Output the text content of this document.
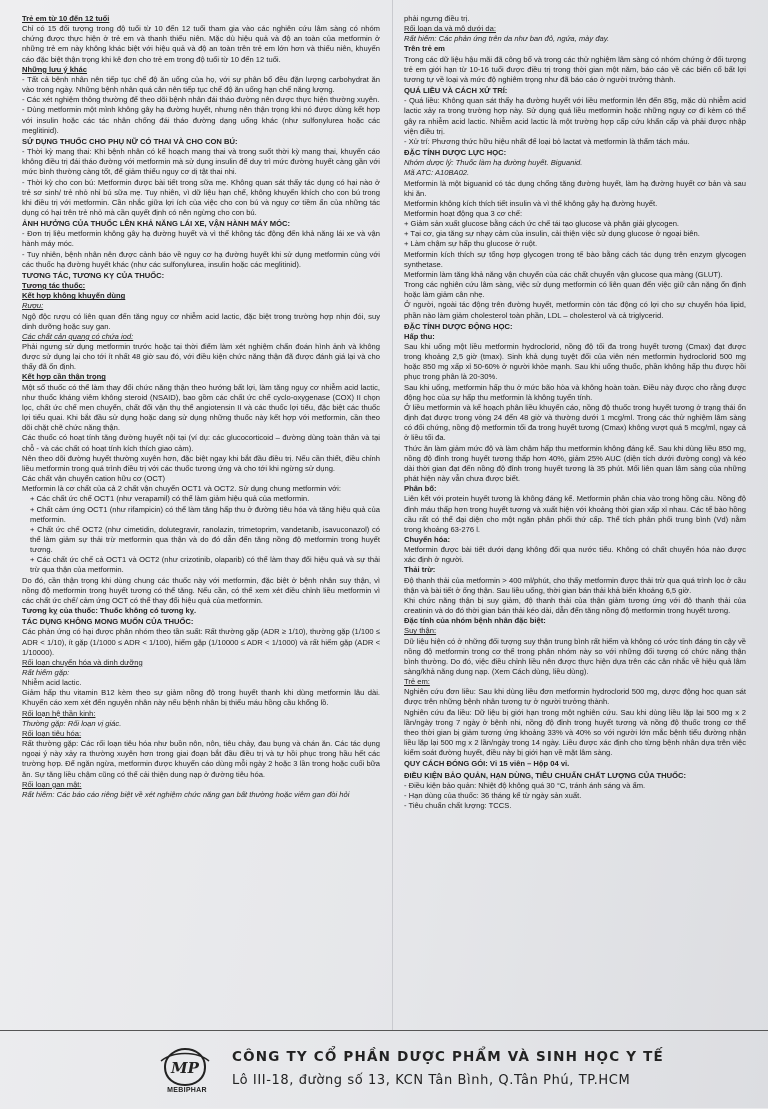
Trẻ em từ 10 đến 12 tuổi

Chỉ có 15 đối tượng trong độ tuổi từ 10 đến 12 tuổi tham gia vào các nghiên cứu lâm sàng có nhóm chứng được thực hiện ở trẻ em và thanh thiếu niên. Mặc dù hiệu quả và độ an toàn của metformin ở những trẻ em này không khác biệt với hiệu quả và độ an toàn trên trẻ em lớn hơn và thiếu niên, khuyến cáo đặc biệt thận trọng khi kê đơn cho trẻ em trong độ tuổi từ 10 đến 12 tuổi.

Những lưu ý khác

- Tất cả bệnh nhân nên tiếp tục chế độ ăn uống của họ, với sự phân bổ đều đặn lượng carbohydrat ăn vào trong ngày. Những bệnh nhân quá cân nên tiếp tục chế độ ăn uống hạn chế năng lượng.

- Các xét nghiệm thông thường để theo dõi bệnh nhân đái tháo đường nên được thực hiện thường xuyên.

- Dùng metformin một mình không gây hạ đường huyết, nhưng nên thận trọng khi nó được dùng kết hợp với insulin hoặc các tác nhân chống đái tháo đường dạng uống khác (như sulfonylurea hoặc các meglitinid).

SỬ DỤNG THUỐC CHO PHỤ NỮ CÓ THAI VÀ CHO CON BÚ:

- Thời kỳ mang thai: Khi bệnh nhân có kế hoạch mang thai và trong suốt thời kỳ mang thai, khuyến cáo không điều trị đái tháo đường với metformin mà sử dụng insulin để duy trì mức đường huyết càng gần với mức bình thường càng tốt, để giảm thiểu nguy cơ dị tật thai nhi.

- Thời kỳ cho con bú: Metformin được bài tiết trong sữa mẹ. Không quan sát thấy tác dụng có hại nào ở trẻ sơ sinh/ trẻ nhỏ nhỉ bú sữa mẹ. Tuy nhiên, vì dữ liệu hạn chế, không khuyến khích cho con bú trong khi điều trị với metformin. Cần nhắc giữa lợi ích của việc cho con bú và nguy cơ tiềm ẩn của những tác dụng có hại trên trẻ nhỏ mà cần quyết định có nên ngừng cho con bú.

ẢNH HƯỞNG CỦA THUỐC LÊN KHẢ NĂNG LÁI XE, VẬN HÀNH MÁY MÓC:

- Đơn trị liệu metformin không gây hạ đường huyết và vì thế không tác động đến khả năng lái xe và vận hành máy móc.

- Tuy nhiên, bệnh nhân nên được cảnh báo về nguy cơ hạ đường huyết khi sử dụng metformin cùng với các thuốc hạ đường huyết khác (như các sulfonylurea, insulin hoặc các meglitinid).

TƯƠNG TÁC, TƯƠNG KỴ CỦA THUỐC:

Tương tác thuốc:

Kết hợp không khuyến dùng

Rượu:

Ngộ độc rượu có liên quan đến tăng nguy cơ nhiễm acid lactic, đặc biệt trong trường hợp nhịn đói, suy dinh dưỡng hoặc suy gan.

Các chất cản quang có chứa iod:

Phải ngưng sử dụng metformin trước hoặc tại thời điểm làm xét nghiệm chẩn đoán hình ảnh và không được sử dụng lại cho tới ít nhất 48 giờ sau đó, với điều kiện chức năng thận đã được đánh giá lại và cho thấy đã ổn định.

Kết hợp cần thận trọng

Một số thuốc có thể làm thay đổi chức năng thận theo hướng bất lợi, làm tăng nguy cơ nhiễm acid lactic, như thuốc kháng viêm không steroid (NSAID), bao gồm các chất ức chế cyclo-oxygenase (COX) II chọn lọc, chất ức chế men chuyển, chất đối vận thụ thể angiotensin II và các thuốc lợi tiểu, đặc biệt các thuốc lợi tiểu quai. Khi bắt đầu sử dụng hoặc dang sử dụng những thuốc này kết hợp với metformin, cần theo dõi chặt chẽ chức năng thận.

Các thuốc có hoạt tính tăng đường huyết nội tại (ví dụ: các glucocorticoid – đường dùng toàn thân và tại chỗ - và các chất có hoạt tính kích thích giao cảm).

Nên theo dõi đường huyết thường xuyên hơn, đặc biệt ngay khi bắt đầu điều trị. Nếu cần thiết, điều chỉnh liều metformin trong quá trình điều trị với các thuốc tương ứng và cho tới khi ngừng sử dụng.

Các chất vận chuyển cation hữu cơ (OCT)

Metformin là cơ chất của cả 2 chất vận chuyển OCT1 và OCT2. Sử dụng chung metformin với:

+ Các chất ức chế OCT1 (như verapamil) có thể làm giảm hiệu quả của metformin.

+ Chất cảm ứng OCT1 (như rifampicin) có thể làm tăng hấp thu ở đường tiêu hóa và tăng hiệu quả của metformin.

+ Chất ức chế OCT2 (như cimetidin, dolutegravir, ranolazin, trimetoprim, vandetanib, isavuconazol) có thể làm giảm sự thải trừ metformin qua thận và do đó dẫn đến tăng nồng độ metformin trong huyết tương.

+ Các chất ức chế cả OCT1 và OCT2 (như crizotinib, olaparib) có thể làm thay đổi hiệu quả và sự thải trừ qua thận của metformin.

Do đó, cần thận trọng khi dùng chung các thuốc này với metformin, đặc biệt ở bệnh nhân suy thận, vì nồng độ metformin trong huyết tương có thể tăng. Nếu cần, có thể xem xét điều chỉnh liều metformin vì các chất ức chế/ cảm ứng OCT có thể thay đổi hiệu quả của metformin.

Tương kỵ của thuốc: Thuốc không có tương kỵ.

TÁC DỤNG KHÔNG MONG MUỐN CỦA THUỐC:

Các phản ứng có hại được phân nhóm theo tần suất: Rất thường gặp (ADR ≥ 1/10), thường gặp (1/100 ≤ ADR < 1/10), ít gặp (1/1000 ≤ ADR < 1/100), hiếm gặp (1/10000 ≤ ADR < 1/1000) và rất hiếm gặp (ADR < 1/10000).

Rối loạn chuyển hóa và dinh dưỡng

Rất hiếm gặp:

Nhiễm acid lactic.

Giảm hấp thu vitamin B12 kèm theo sự giảm nồng độ trong huyết thanh khi dùng metformin lâu dài. Khuyến cáo xem xét đến nguyên nhân này nếu bệnh nhân bị thiếu máu hồng cầu khổng lồ.

Rối loạn hệ thần kinh:

Thường gặp: Rối loạn vị giác.

Rối loạn tiêu hóa:

Rất thường gặp: Các rối loạn tiêu hóa như buồn nôn, nôn, tiêu chảy, đau bụng và chán ăn. Các tác dụng ngoại ý này xảy ra thường xuyên hơn trong giai đoạn bắt đầu điều trị và tự hồi phục trong hầu hết các trường hợp. Để ngăn ngừa, metformin được khuyến cáo dùng mỗi ngày 2 hoặc 3 lần trong hoặc cuối bữa ăn. Sự tăng liều chậm cũng có thể cải thiện dung nạp ở đường tiêu hóa.

Rối loạn gan mật:

Rất hiếm: Các báo cáo riêng biệt về xét nghiệm chức năng gan bất thường hoặc viêm gan đòi hỏi

phải ngưng điều trị.

Rối loạn da và mô dưới da:

Rất hiếm: Các phản ứng trên da như ban đỏ, ngứa, mày đay.

Trên trẻ em

Trong các dữ liệu hậu mãi đã công bố và trong các thử nghiệm lâm sàng có nhóm chứng ở đối tượng trẻ em giới hạn từ 10-16 tuổi được điều trị trong thời gian một năm, báo cáo về các biến cố bất lợi tương tự về loại và mức độ nghiêm trọng như đã báo cáo ở người trưởng thành.

QUÁ LIỀU VÀ CÁCH XỬ TRÍ:

- Quá liều: Không quan sát thấy hạ đường huyết với liều metformin lên đến 85g, mặc dù nhiễm acid lactic xảy ra trong trường hợp này. Sử dụng quá liều metformin hoặc những nguy cơ đi kèm có thể gây ra nhiễm acid lactic. Nhiễm acid lactic là một trường hợp cấp cứu khẩn cấp và phải được nhập viện điều trị.

- Xử trí: Phương thức hữu hiệu nhất để loại bỏ lactat và metformin là thẩm tách máu.

ĐẶC TÍNH DƯỢC LỰC HỌC:

Nhóm dược lý: Thuốc làm hạ đường huyết. Biguanid.

Mã ATC: A10BA02.

Metformin là một biguanid có tác dụng chống tăng đường huyết, làm hạ đường huyết cơ bản và sau khi ăn.

Metformin không kích thích tiết insulin và vì thế không gây hạ đường huyết.

Metformin hoạt động qua 3 cơ chế:

+ Giảm sản xuất glucose bằng cách ức chế tái tạo glucose và phân giải glycogen.

+ Tại cơ, gia tăng sự nhạy cảm của insulin, cải thiện việc sử dụng glucose ở ngoại biên.

+ Làm chậm sự hấp thu glucose ở ruột.

Metformin kích thích sự tổng hợp glycogen trong tế bào bằng cách tác dụng trên enzym glycogen synthetase.

Metformin làm tăng khả năng vận chuyển của các chất chuyển vận glucose qua màng (GLUT).

Trong các nghiên cứu lâm sàng, việc sử dụng metformin có liên quan đến việc giữ cân nặng ổn định hoặc làm giảm cân nhẹ.

Ở người, ngoài tác động trên đường huyết, metformin còn tác động có lợi cho sự chuyển hóa lipid, phần nào làm giảm cholesterol toàn phần, LDL – cholesterol và cả triglycerid.

ĐẶC TÍNH DƯỢC ĐỘNG HỌC:

Hấp thu:

Sau khi uống một liều metformin hydroclorid, nồng độ tối đa trong huyết tương (Cmax) đạt được trong khoảng 2,5 giờ (tmax). Sinh khả dụng tuyệt đối của viên nén metformin hydroclorid 500 mg hoặc 850 mg xấp xỉ 50-60% ở người khỏe mạnh. Sau khi uống thuốc, phần không hấp thu được hồi phục trong phân là 20-30%.

Sau khi uống, metformin hấp thu ở mức bão hòa và không hoàn toàn. Điều này được cho rằng được động học của sự hấp thu metformin là không tuyến tính.

Ở liều metformin và kế hoạch phân liều khuyến cáo, nồng độ thuốc trong huyết tương ở trạng thái ổn định đạt được trong vòng 24 đến 48 giờ và thường dưới 1 mcg/ml. Trong các thử nghiệm lâm sàng có đối chứng, nồng độ metformin tối đa trong huyết tương (Cmax) không vượt quá 5 mcg/ml, ngay cả ở liều tối đa.

Thức ăn làm giảm mức độ và làm chậm hấp thu metformin không đáng kể. Sau khi dùng liều 850 mg, nồng độ đỉnh trong huyết tương thấp hơn 40%, giảm 25% AUC (diện tích dưới đường cong) và kéo dài thời gian đạt đến nồng độ đỉnh trong huyết tương là 35 phút. Mối liên quan lâm sàng của những phát hiện này vẫn chưa được biết.

Phân bố:

Liên kết với protein huyết tương là không đáng kể. Metformin phân chia vào trong hồng cầu. Nồng độ đỉnh máu thấp hơn trong huyết tương và xuất hiện với khoảng thời gian xấp xỉ nhau. Các tế bào hồng cầu rất có thể đại diện cho một ngăn phân phối thứ cấp. Thể tích phân phối trung bình (Vd) nằm trong khoảng 63-276 l.

Chuyển hóa:

Metformin được bài tiết dưới dạng không đổi qua nước tiểu. Không có chất chuyển hóa nào được xác định ở người.

Thải trừ:

Độ thanh thải của metformin > 400 ml/phút, cho thấy metformin được thải trừ qua quá trình lọc ở cầu thận và bài tiết ở ống thận. Sau liều uống, thời gian bán thải khả biến khoảng 6,5 giờ.

Khi chức năng thận bị suy giảm, độ thanh thải của thận giảm tương ứng với độ thanh thải của creatinin và do đó thời gian bán thải kéo dài, dẫn đến tăng nồng độ metformin trong huyết tương.

Đặc tính của nhóm bệnh nhân đặc biệt:

Suy thận:

Dữ liệu hiện có ở những đối tượng suy thận trung bình rất hiếm và không có ước tính đáng tin cậy về nồng độ metformin trong cơ thể trong phân nhóm này so với những đối tượng có chức năng thận bình thường. Do đó, việc điều chỉnh liều nên được thực hiện dựa trên các cân nhắc về hiệu quả lâm sàng/khả năng dung nạp. (Xem Cách dùng, liều dùng).

Trẻ em:

Nghiên cứu đơn liều: Sau khi dùng liều đơn metformin hydroclorid 500 mg, dược động học quan sát được trên những bệnh nhân tương tự ở người trưởng thành.

Nghiên cứu đa liều: Dữ liệu bị giới hạn trong một nghiên cứu. Sau khi dùng liều lặp lại 500 mg x 2 lần/ngày trong 7 ngày ở bệnh nhi, nồng độ đỉnh trong huyết tương và nồng độ thuốc trong cơ thể theo thời gian bị giảm tương ứng khoảng 33% và 40% so với người lớn mắc bệnh tiểu đường nhận liều lặp lại 500 mg x 2 lần/ngày trong 14 ngày. Liều được xác định cho từng bệnh nhân dựa trên việc kiểm soát đường huyết, điều này bị giới hạn về mặt lâm sàng.

QUY CÁCH ĐÓNG GÓI: Vỉ 15 viên – Hộp 04 vỉ.

ĐIỀU KIỆN BẢO QUẢN, HẠN DÙNG, TIÊU CHUẨN CHẤT LƯỢNG CỦA THUỐC:

- Điều kiện bảo quản: Nhiệt độ không quá 30 °C, tránh ánh sáng và ẩm.

- Hạn dùng của thuốc: 36 tháng kể từ ngày sản xuất.

- Tiêu chuẩn chất lượng: TCCS.

MP
MEBIPHAR
CÔNG TY CỔ PHẦN DƯỢC PHẨM VÀ SINH HỌC Y TẾ
Lô III-18, đường số 13, KCN Tân Bình, Q.Tân Phú, TP.HCM
